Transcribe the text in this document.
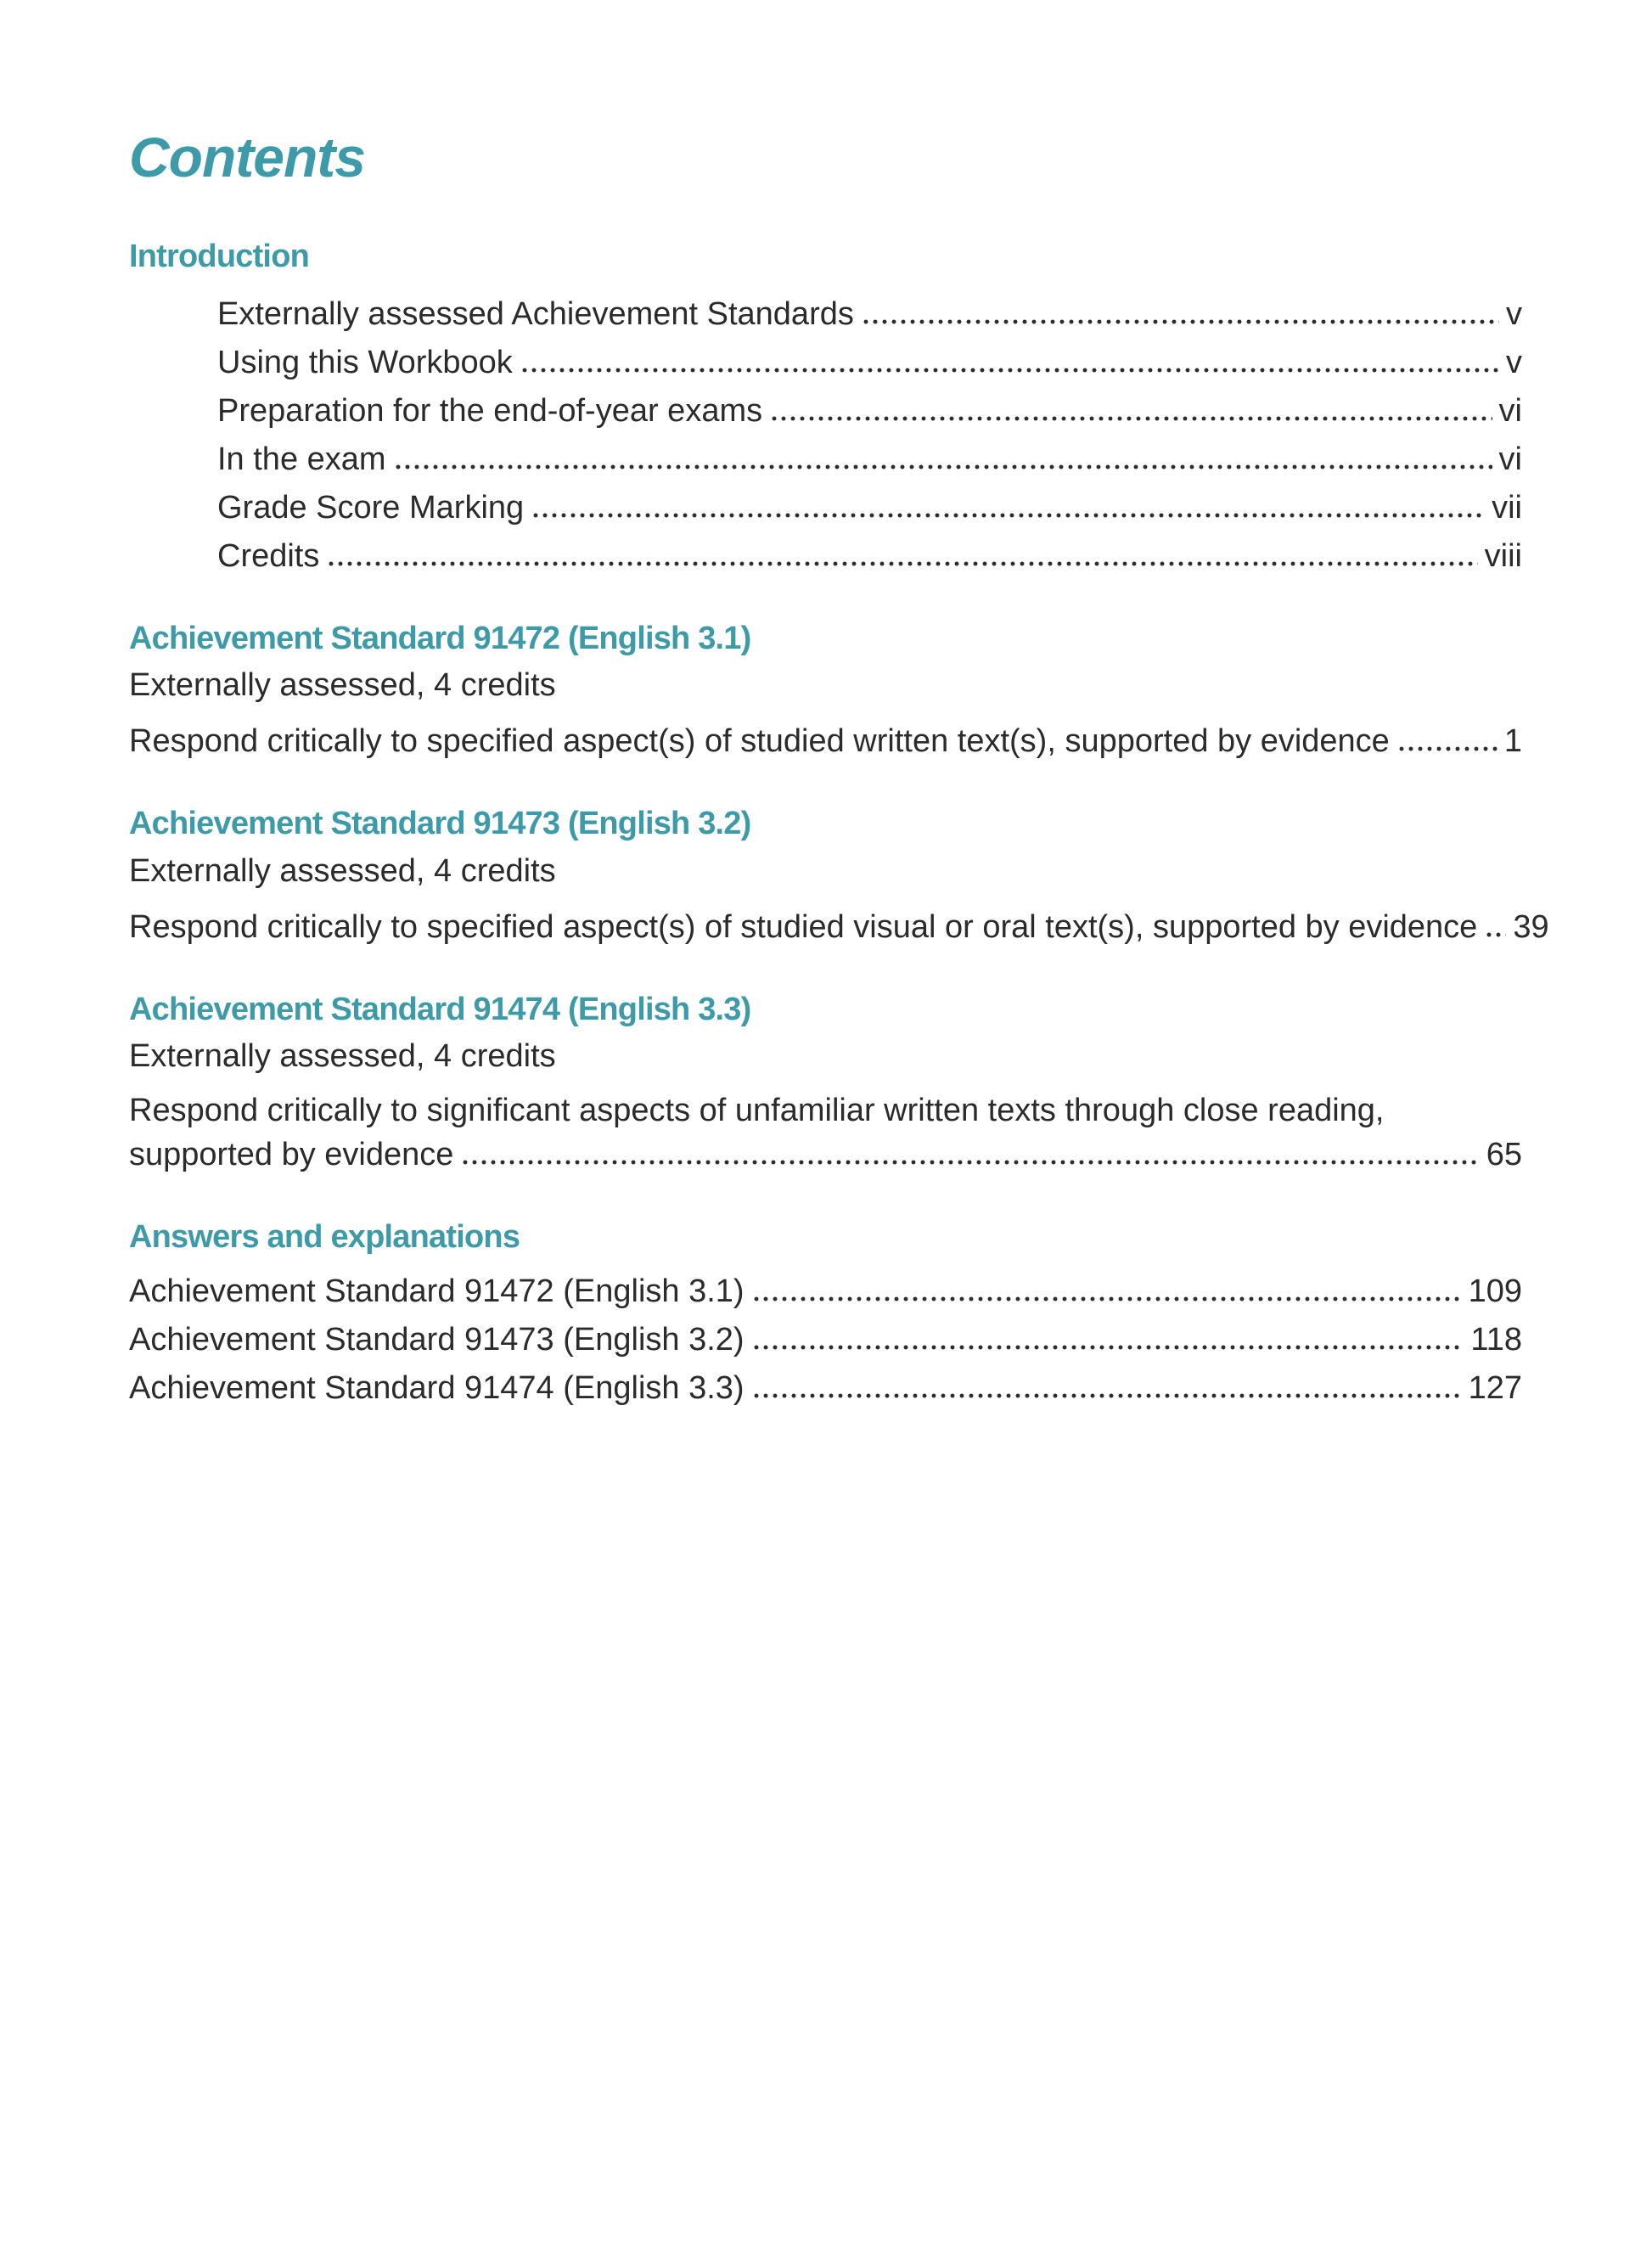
Contents
Introduction
Externally assessed Achievement Standards	v
Using this Workbook	v
Preparation for the end-of-year exams	vi
In the exam	vi
Grade Score Marking	vii
Credits	viii
Achievement Standard 91472 (English 3.1)
Externally assessed, 4 credits
Respond critically to specified aspect(s) of studied written text(s), supported by evidence	1
Achievement Standard 91473 (English 3.2)
Externally assessed, 4 credits
Respond critically to specified aspect(s) of studied visual or oral text(s), supported by evidence 39
Achievement Standard 91474 (English 3.3)
Externally assessed, 4 credits
Respond critically to significant aspects of unfamiliar written texts through close reading,
supported by evidence	65
Answers and explanations
Achievement Standard 91472 (English 3.1)	109
Achievement Standard 91473 (English 3.2)	118
Achievement Standard 91474 (English 3.3)	127
